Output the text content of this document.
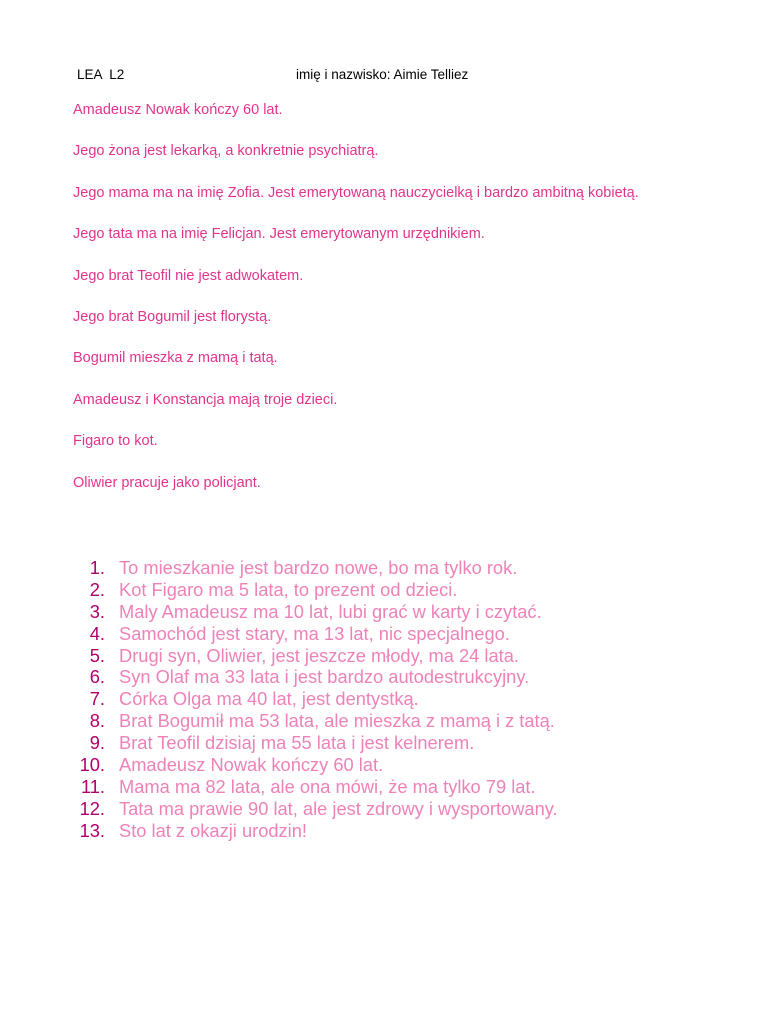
LEA  L2	imię i nazwisko: Aimie Telliez
Amadeusz Nowak kończy 60 lat.
Jego żona jest lekarką, a konkretnie psychiatrą.
Jego mama ma na imię Zofia. Jest emerytowaną nauczycielką i bardzo ambitną kobietą.
Jego tata ma na imię Felicjan. Jest emerytowanym urzędnikiem.
Jego brat Teofil nie jest adwokatem.
Jego brat Bogumil jest florystą.
Bogumil mieszka z mamą i tatą.
Amadeusz i Konstancja mają troje dzieci.
Figaro to kot.
Oliwier pracuje jako policjant.
1. To mieszkanie jest bardzo nowe, bo ma tylko rok.
2. Kot Figaro ma 5 lata, to prezent od dzieci.
3. Maly Amadeusz ma 10 lat, lubi grać w karty i czytać.
4. Samochód jest stary, ma 13 lat, nic specjalnego.
5. Drugi syn, Oliwier, jest jeszcze młody, ma 24 lata.
6. Syn Olaf ma 33 lata i jest bardzo autodestrukcyjny.
7. Córka Olga ma 40 lat, jest dentystką.
8. Brat Bogumił ma 53 lata, ale mieszka z mamą i z tatą.
9. Brat Teofil dzisiaj ma 55 lata i jest kelnerem.
10. Amadeusz Nowak kończy 60 lat.
11. Mama ma 82 lata, ale ona mówi, że ma tylko 79 lat.
12. Tata ma prawie 90 lat, ale jest zdrowy i wysportowany.
13. Sto lat z okazji urodzin!
